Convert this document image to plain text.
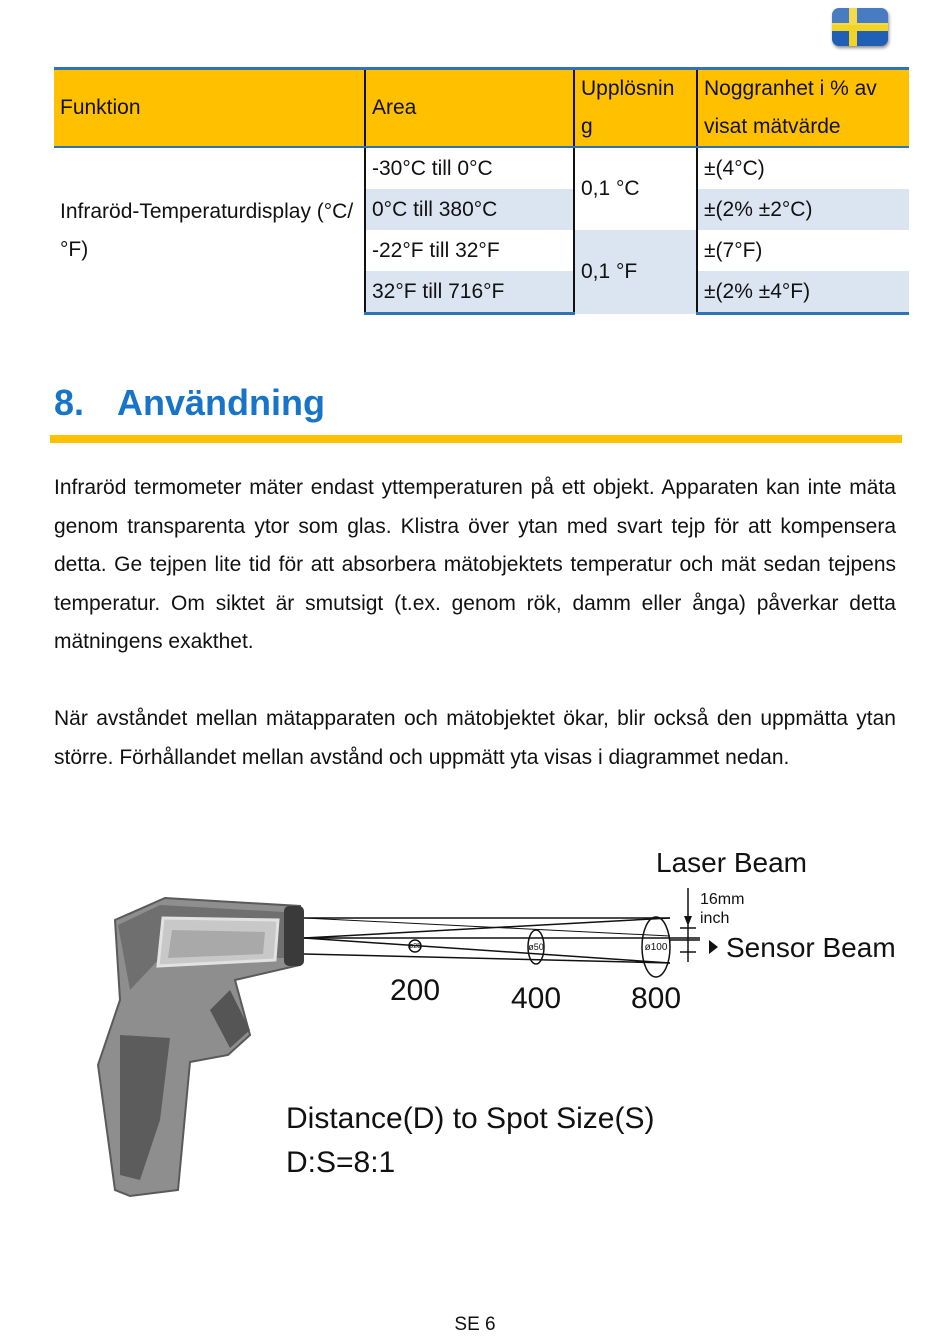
Funktion	Area	Upplösnin g	Noggranhet i % av visat mätvärde
Infraröd-Temperaturdisplay (°C/°F)	-30°C till 0°C	0,1 °C	±(4°C)
	0°C till 380°C		±(2% ±2°C)
	-22°F till 32°F	0,1 °F	±(7°F)
	32°F till 716°F		±(2% ±4°F)
8. Användning

Infraröd termometer mäter endast yttemperaturen på ett objekt. Apparaten kan inte mäta genom transparenta ytor som glas. Klistra över ytan med svart tejp för att kompensera detta. Ge tejpen lite tid för att absorbera mätobjektets temperatur och mät sedan tejpens temperatur. Om siktet är smutsigt (t.ex. genom rök, damm eller ånga) påverkar detta mätningens exakthet.

När avståndet mellan mätapparaten och mätobjektet ökar, blir också den uppmätta ytan större. Förhållandet mellan avstånd och uppmätt yta visas i diagrammet nedan.

Laser Beam
16mm
inch
Sensor Beam
ø25	ø50	ø100
200 400 800
Distance(D) to Spot Size(S)
D:S=8:1
SE 6
